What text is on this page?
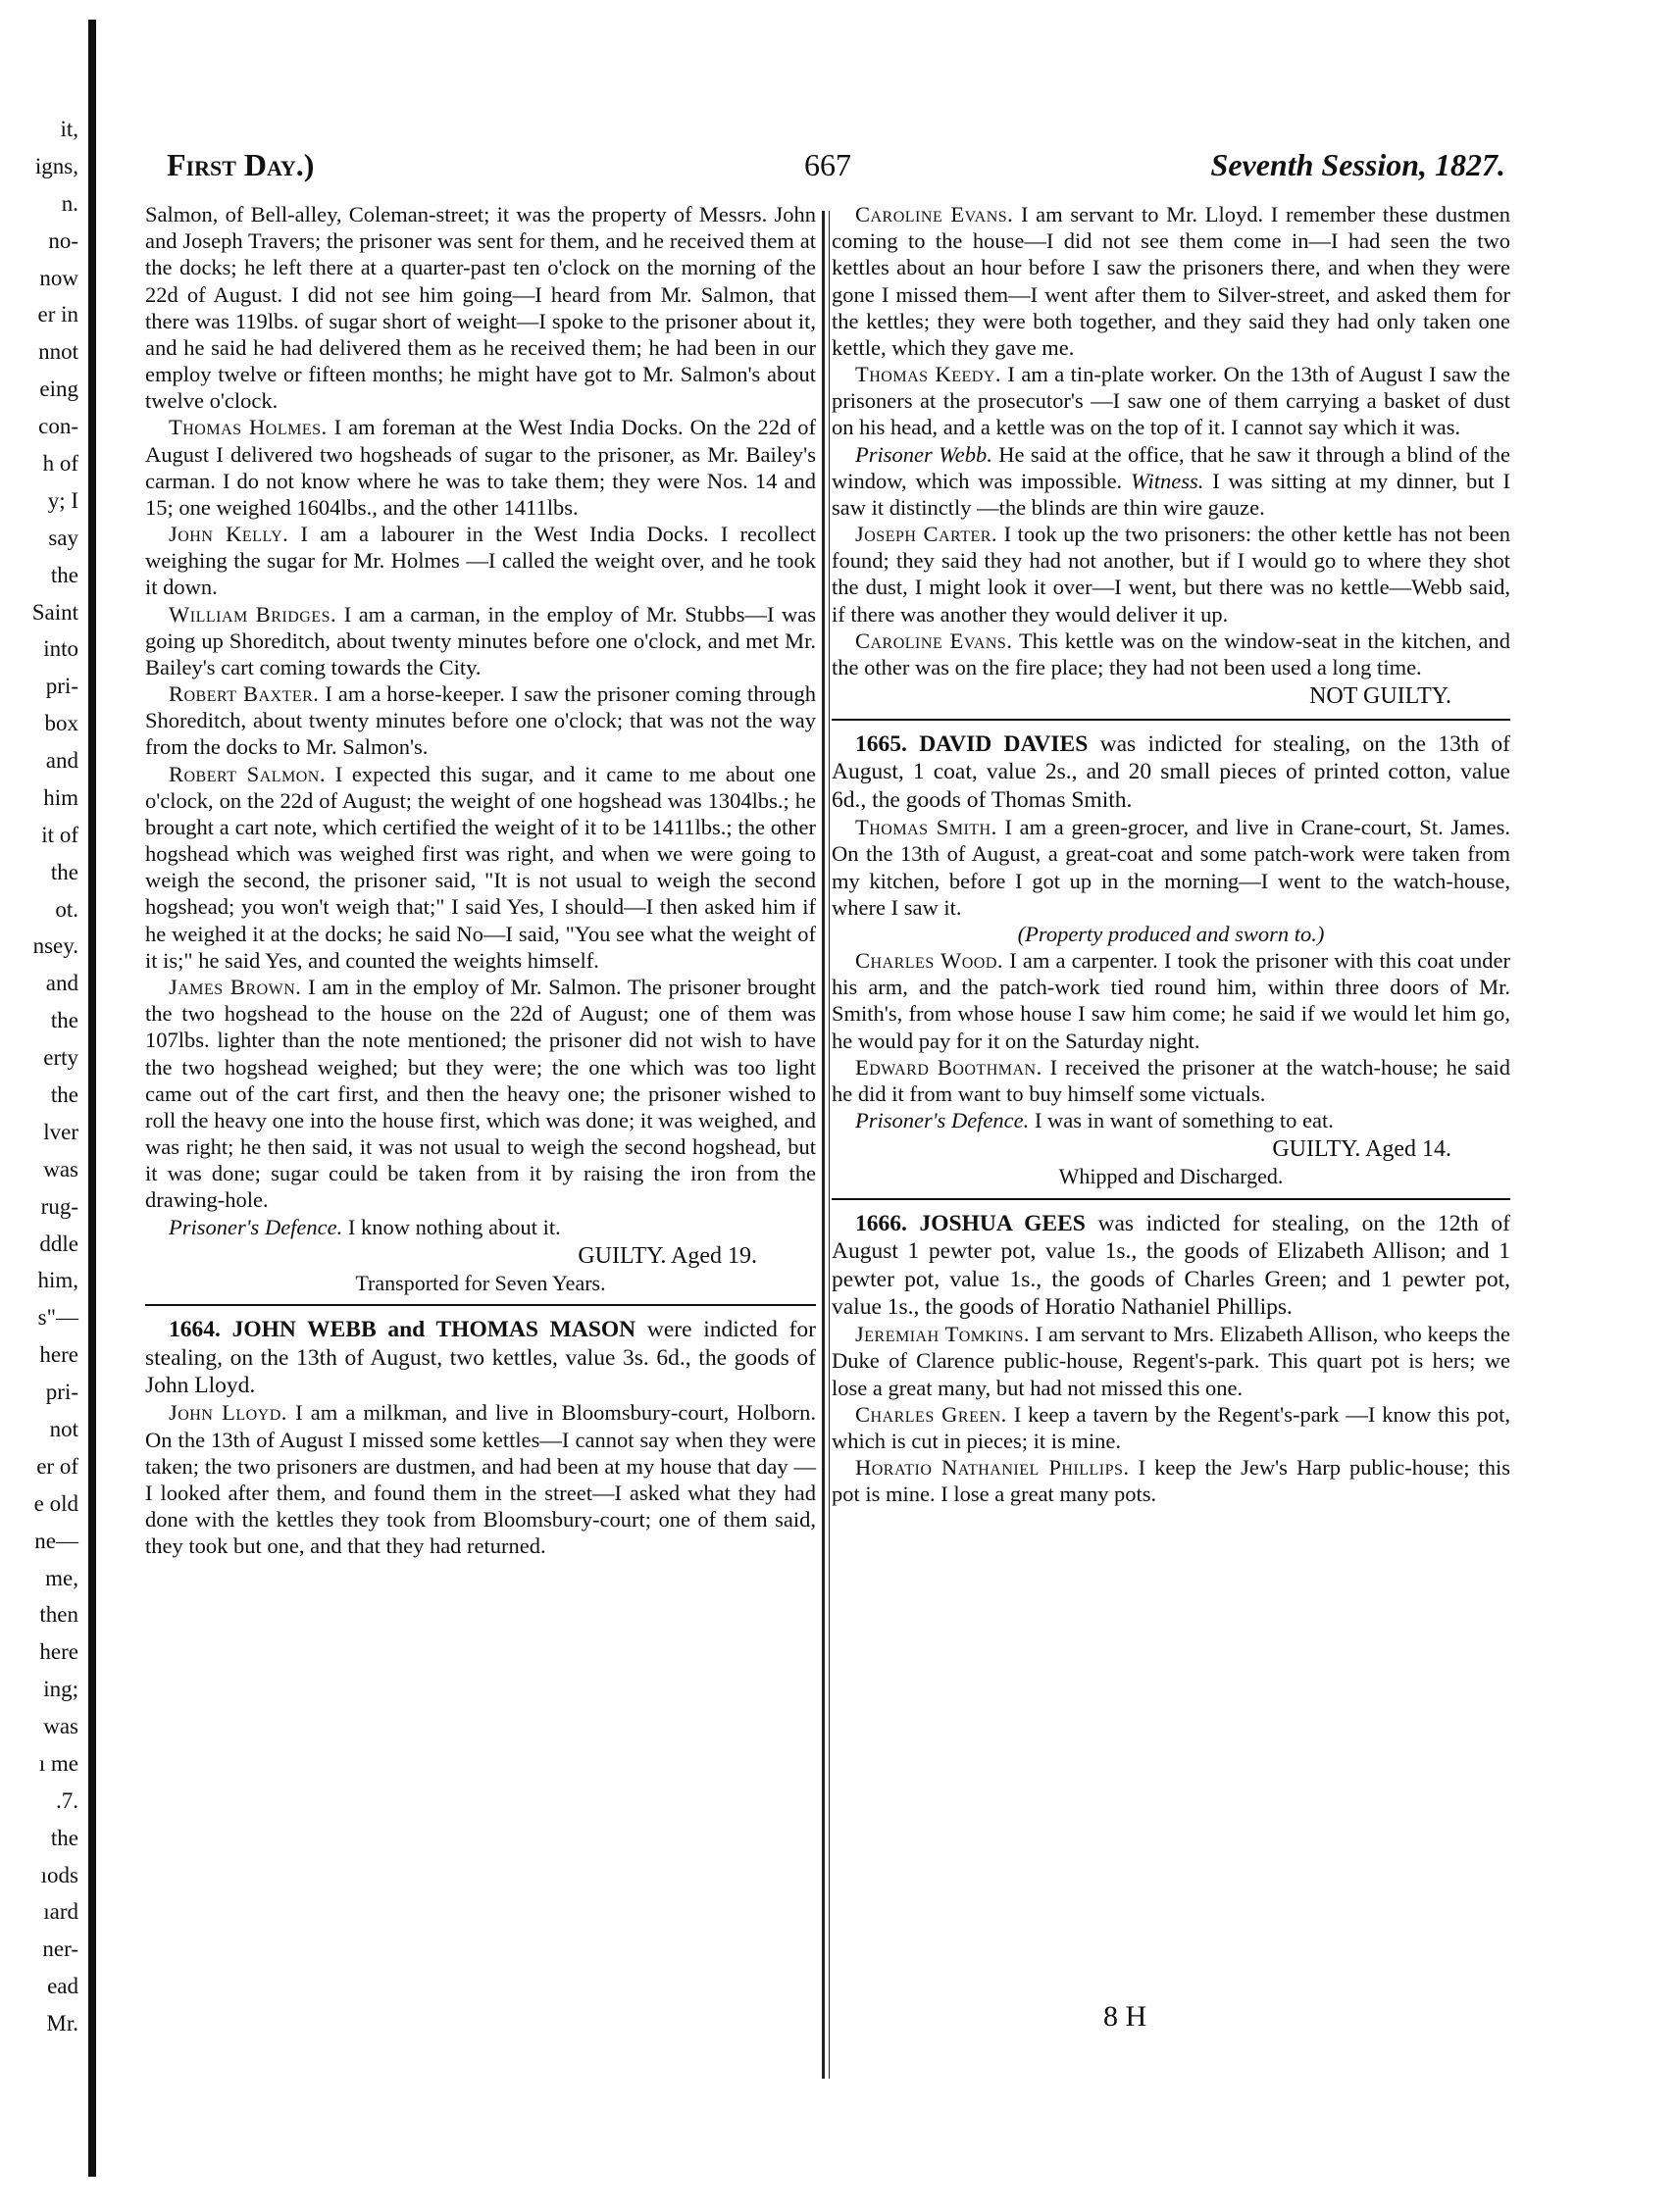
it,
igns,
n.
no-
now
er in
nnot
eing
con-
h of
y; I
say
the
Saint
into
pri-
box
and
him
it of
the
ot.
nsey.
and
the
erty
the
lver
was
rug-
ddle
him,
s"—
here
pri-
not
er of
e old
ne—
me,
then
here
ing;
was
ı me
.7.
the
ıods
ıard
ner-
ead
Mr.
First Day.)	667	Seventh Session, 1827.

Salmon, of Bell-alley, Coleman-street; it was the property of Messrs. John and Joseph Travers; the prisoner was sent for them, and he received them at the docks; he left there at a quarter-past ten o'clock on the morning of the 22d of August. I did not see him going—I heard from Mr. Salmon, that there was 119lbs. of sugar short of weight—I spoke to the prisoner about it, and he said he had delivered them as he received them; he had been in our employ twelve or fifteen months; he might have got to Mr. Salmon's about twelve o'clock.

Thomas Holmes. I am foreman at the West India Docks. On the 22d of August I delivered two hogsheads of sugar to the prisoner, as Mr. Bailey's carman. I do not know where he was to take them; they were Nos. 14 and 15; one weighed 1604lbs., and the other 1411lbs.

John Kelly. I am a labourer in the West India Docks. I recollect weighing the sugar for Mr. Holmes —I called the weight over, and he took it down.

William Bridges. I am a carman, in the employ of Mr. Stubbs—I was going up Shoreditch, about twenty minutes before one o'clock, and met Mr. Bailey's cart coming towards the City.

Robert Baxter. I am a horse-keeper. I saw the prisoner coming through Shoreditch, about twenty minutes before one o'clock; that was not the way from the docks to Mr. Salmon's.

Robert Salmon. I expected this sugar, and it came to me about one o'clock, on the 22d of August; the weight of one hogshead was 1304lbs.; he brought a cart note, which certified the weight of it to be 1411lbs.; the other hogshead which was weighed first was right, and when we were going to weigh the second, the prisoner said, "It is not usual to weigh the second hogshead; you won't weigh that;" I said Yes, I should—I then asked him if he weighed it at the docks; he said No—I said, "You see what the weight of it is;" he said Yes, and counted the weights himself.

James Brown. I am in the employ of Mr. Salmon. The prisoner brought the two hogshead to the house on the 22d of August; one of them was 107lbs. lighter than the note mentioned; the prisoner did not wish to have the two hogshead weighed; but they were; the one which was too light came out of the cart first, and then the heavy one; the prisoner wished to roll the heavy one into the house first, which was done; it was weighed, and was right; he then said, it was not usual to weigh the second hogshead, but it was done; sugar could be taken from it by raising the iron from the drawing-hole.

Prisoner's Defence. I know nothing about it.

GUILTY. Aged 19.

Transported for Seven Years.

1664. JOHN WEBB and THOMAS MASON were indicted for stealing, on the 13th of August, two kettles, value 3s. 6d., the goods of John Lloyd.

John Lloyd. I am a milkman, and live in Bloomsbury-court, Holborn. On the 13th of August I missed some kettles—I cannot say when they were taken; the two prisoners are dustmen, and had been at my house that day —I looked after them, and found them in the street—I asked what they had done with the kettles they took from Bloomsbury-court; one of them said, they took but one, and that they had returned.

Caroline Evans. I am servant to Mr. Lloyd. I remember these dustmen coming to the house—I did not see them come in—I had seen the two kettles about an hour before I saw the prisoners there, and when they were gone I missed them—I went after them to Silver-street, and asked them for the kettles; they were both together, and they said they had only taken one kettle, which they gave me.

Thomas Keedy. I am a tin-plate worker. On the 13th of August I saw the prisoners at the prosecutor's —I saw one of them carrying a basket of dust on his head, and a kettle was on the top of it. I cannot say which it was.

Prisoner Webb. He said at the office, that he saw it through a blind of the window, which was impossible. Witness. I was sitting at my dinner, but I saw it distinctly —the blinds are thin wire gauze.

Joseph Carter. I took up the two prisoners: the other kettle has not been found; they said they had not another, but if I would go to where they shot the dust, I might look it over—I went, but there was no kettle—Webb said, if there was another they would deliver it up.

Caroline Evans. This kettle was on the window-seat in the kitchen, and the other was on the fire place; they had not been used a long time.

NOT GUILTY.

1665. DAVID DAVIES was indicted for stealing, on the 13th of August, 1 coat, value 2s., and 20 small pieces of printed cotton, value 6d., the goods of Thomas Smith.

Thomas Smith. I am a green-grocer, and live in Crane-court, St. James. On the 13th of August, a great-coat and some patch-work were taken from my kitchen, before I got up in the morning—I went to the watch-house, where I saw it.

(Property produced and sworn to.)

Charles Wood. I am a carpenter. I took the prisoner with this coat under his arm, and the patch-work tied round him, within three doors of Mr. Smith's, from whose house I saw him come; he said if we would let him go, he would pay for it on the Saturday night.

Edward Boothman. I received the prisoner at the watch-house; he said he did it from want to buy himself some victuals.

Prisoner's Defence. I was in want of something to eat.

GUILTY. Aged 14.

Whipped and Discharged.

1666. JOSHUA GEES was indicted for stealing, on the 12th of August 1 pewter pot, value 1s., the goods of Elizabeth Allison; and 1 pewter pot, value 1s., the goods of Charles Green; and 1 pewter pot, value 1s., the goods of Horatio Nathaniel Phillips.

Jeremiah Tomkins. I am servant to Mrs. Elizabeth Allison, who keeps the Duke of Clarence public-house, Regent's-park. This quart pot is hers; we lose a great many, but had not missed this one.

Charles Green. I keep a tavern by the Regent's-park —I know this pot, which is cut in pieces; it is mine.

Horatio Nathaniel Phillips. I keep the Jew's Harp public-house; this pot is mine. I lose a great many pots.

8 H
